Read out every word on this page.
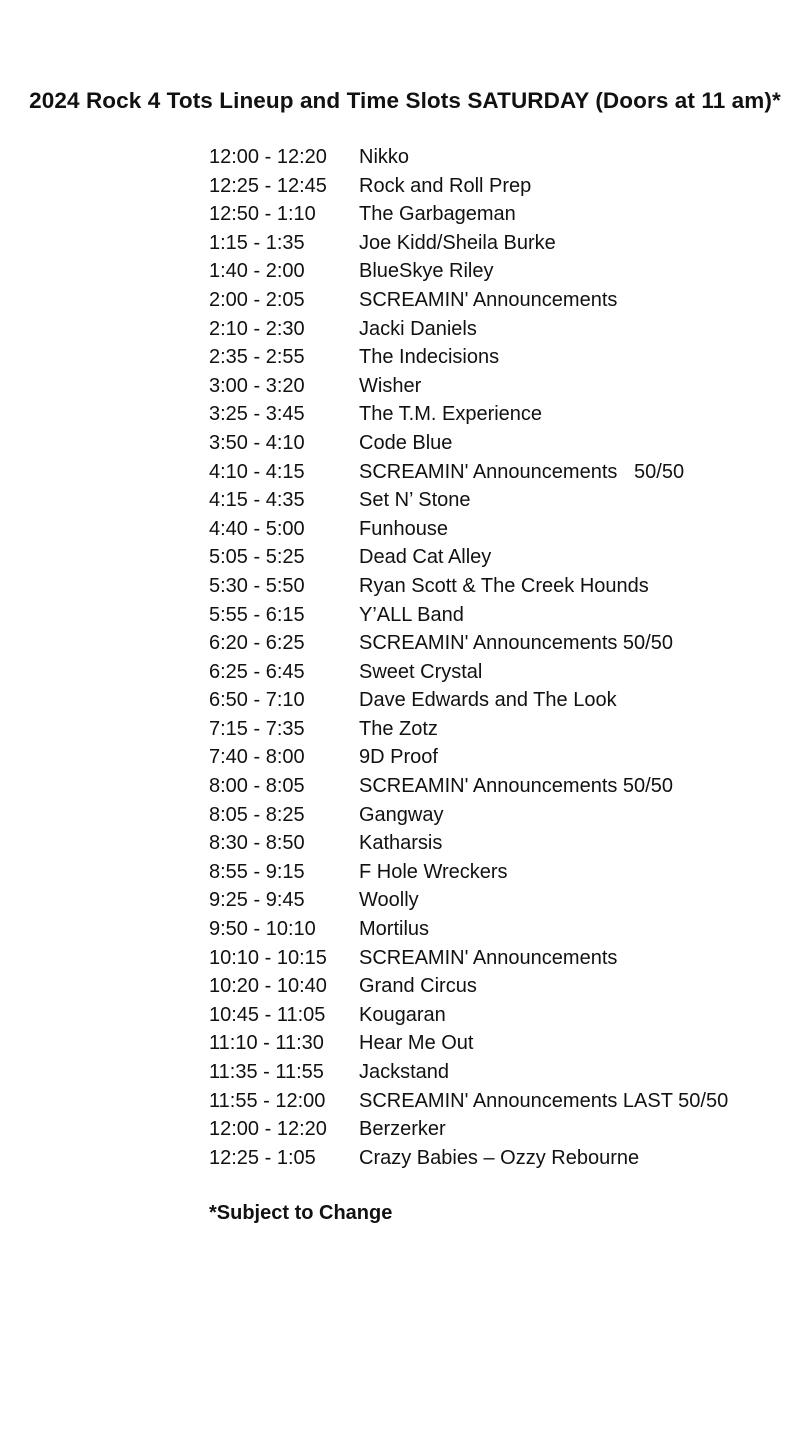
2024 Rock 4 Tots Lineup and Time Slots SATURDAY (Doors at 11 am)*
12:00 - 12:20 Nikko
12:25 - 12:45 Rock and Roll Prep
12:50 - 1:10 The Garbageman
1:15 - 1:35	Joe Kidd/Sheila Burke
1:40 - 2:00	BlueSkye Riley
2:00 - 2:05	SCREAMIN' Announcements
2:10 - 2:30	Jacki Daniels
2:35 - 2:55	The Indecisions
3:00 - 3:20	Wisher
3:25 - 3:45	The T.M. Experience
3:50 - 4:10	Code Blue
4:10 - 4:15	SCREAMIN' Announcements   50/50
4:15 - 4:35	Set N’ Stone
4:40 - 5:00	Funhouse
5:05 - 5:25	Dead Cat Alley
5:30 - 5:50	Ryan Scott & The Creek Hounds
5:55 - 6:15	Y’ALL Band
6:20 - 6:25	SCREAMIN' Announcements 50/50
6:25 - 6:45	Sweet Crystal
6:50 - 7:10	Dave Edwards and The Look
7:15 - 7:35	The Zotz
7:40 - 8:00	9D Proof
8:00 - 8:05	SCREAMIN' Announcements 50/50
8:05 - 8:25	Gangway
8:30 - 8:50	Katharsis
8:55 - 9:15	F Hole Wreckers
9:25 - 9:45	Woolly
9:50 - 10:10 Mortilus
10:10 - 10:15 SCREAMIN' Announcements
10:20 - 10:40 Grand Circus
10:45 - 11:05 Kougaran
11:10 - 11:30 Hear Me Out
11:35 - 11:55 Jackstand
11:55 - 12:00 SCREAMIN' Announcements LAST 50/50
12:00 - 12:20 Berzerker
12:25 - 1:05 Crazy Babies – Ozzy Rebourne
*Subject to Change
